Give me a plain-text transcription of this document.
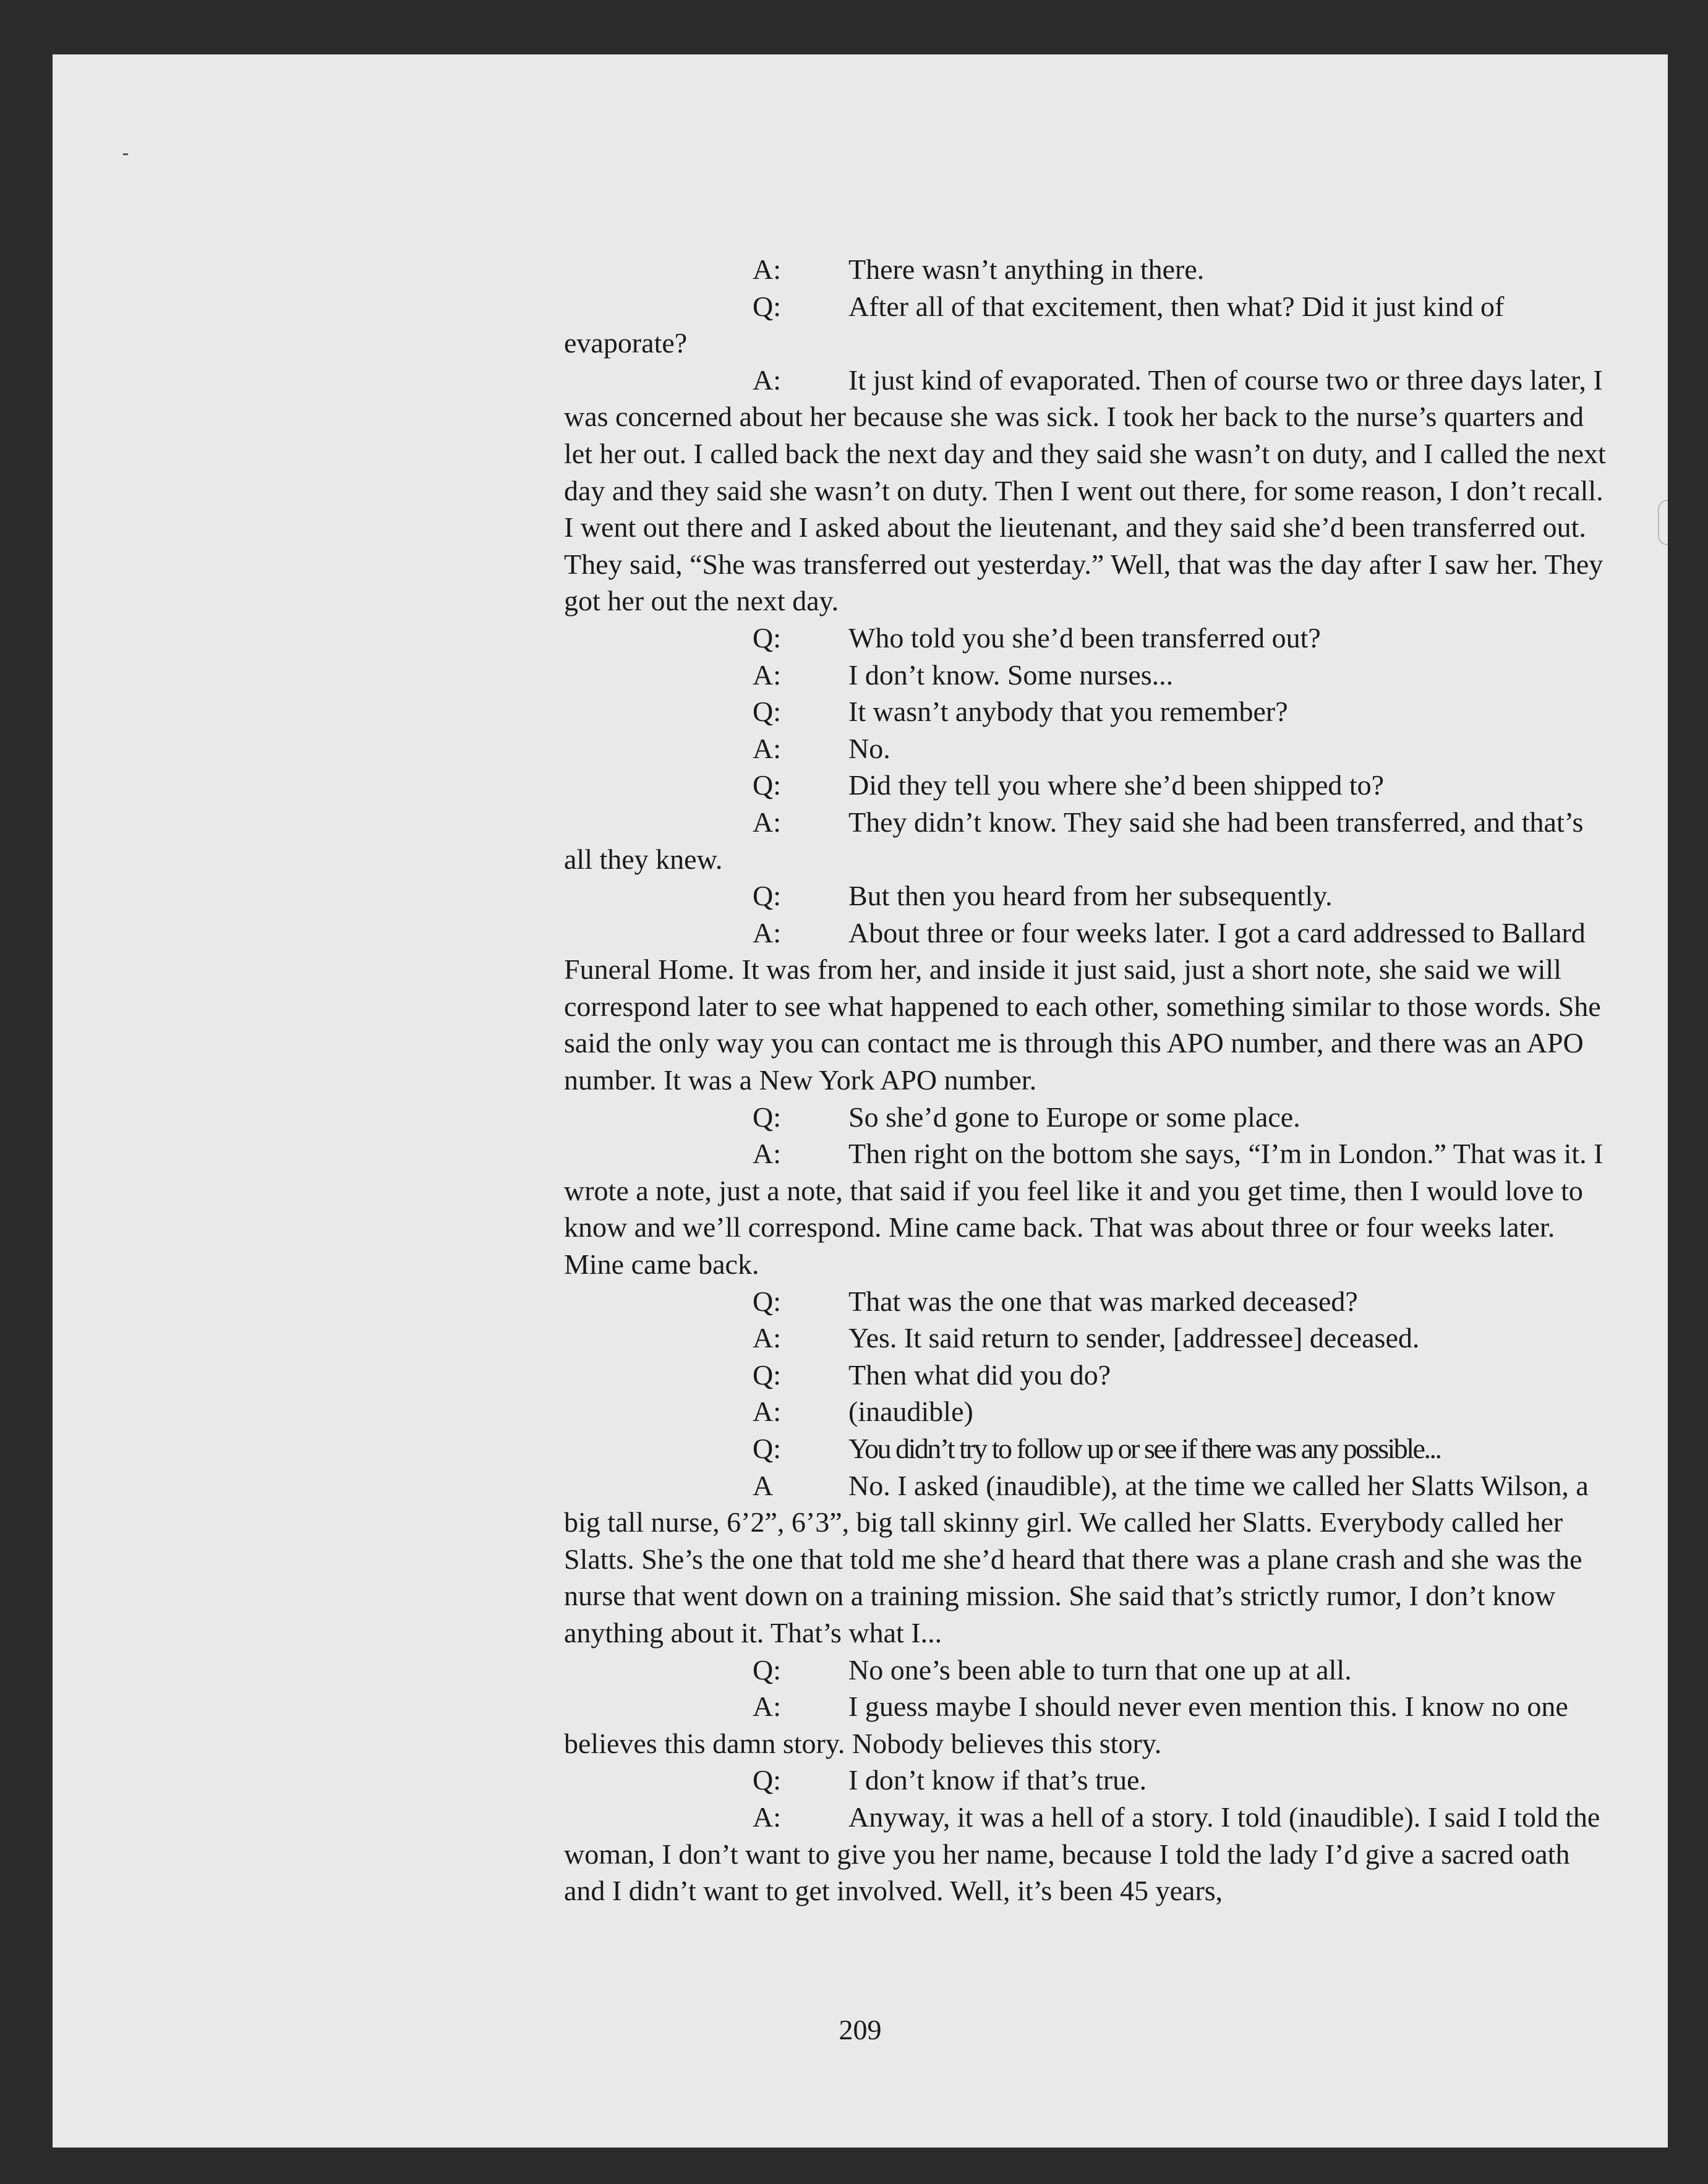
A:	There wasn’t anything in there.

Q: After all of that excitement, then what? Did it just kind of evaporate?

A: It just kind of evaporated. Then of course two or three days later, I was concerned about her because she was sick. I took her back to the nurse’s quarters and let her out. I called back the next day and they said she wasn’t on duty, and I called the next day and they said she wasn’t on duty. Then I went out there, for some reason, I don’t recall. I went out there and I asked about the lieutenant, and they said she’d been transferred out. They said, “She was transferred out yesterday.” Well, that was the day after I saw her. They got her out the next day.

Q:	Who told you she’d been transferred out?

A:	I don’t know. Some nurses...

Q:	It wasn’t anybody that you remember?

A:	No.

Q:	Did they tell you where she’d been shipped to?

A: They didn’t know. They said she had been transferred, and that’s all they knew.

Q:	But then you heard from her subsequently.

A: About three or four weeks later. I got a card addressed to Ballard Funeral Home. It was from her, and inside it just said, just a short note, she said we will correspond later to see what happened to each other, something similar to those words. She said the only way you can contact me is through this APO number, and there was an APO number. It was a New York APO number.

Q:	So she’d gone to Europe or some place.

A: Then right on the bottom she says, “I’m in London.” That was it. I wrote a note, just a note, that said if you feel like it and you get time, then I would love to know and we’ll correspond. Mine came back. That was about three or four weeks later. Mine came back.

Q:	That was the one that was marked deceased?

A:	Yes. It said return to sender, [addressee] deceased.

Q:	Then what did you do?

A:	(inaudible)

Q:	You didn’t try to follow up or see if there was any possible...

A	No. I asked (inaudible), at the time we called her Slatts Wilson, a big tall nurse, 6’2”, 6’3”, big tall skinny girl. We called her Slatts. Everybody called her Slatts. She’s the one that told me she’d heard that there was a plane crash and she was the nurse that went down on a training mission. She said that’s strictly rumor, I don’t know anything about it. That’s what I...

Q:	No one’s been able to turn that one up at all.

A: I guess maybe I should never even mention this. I know no one believes this damn story. Nobody believes this story.

Q:	I don’t know if that’s true.

A: Anyway, it was a hell of a story. I told (inaudible). I said I told the woman, I don’t want to give you her name, because I told the lady I’d give a sacred oath and I didn’t want to get involved. Well, it’s been 45 years,

209
